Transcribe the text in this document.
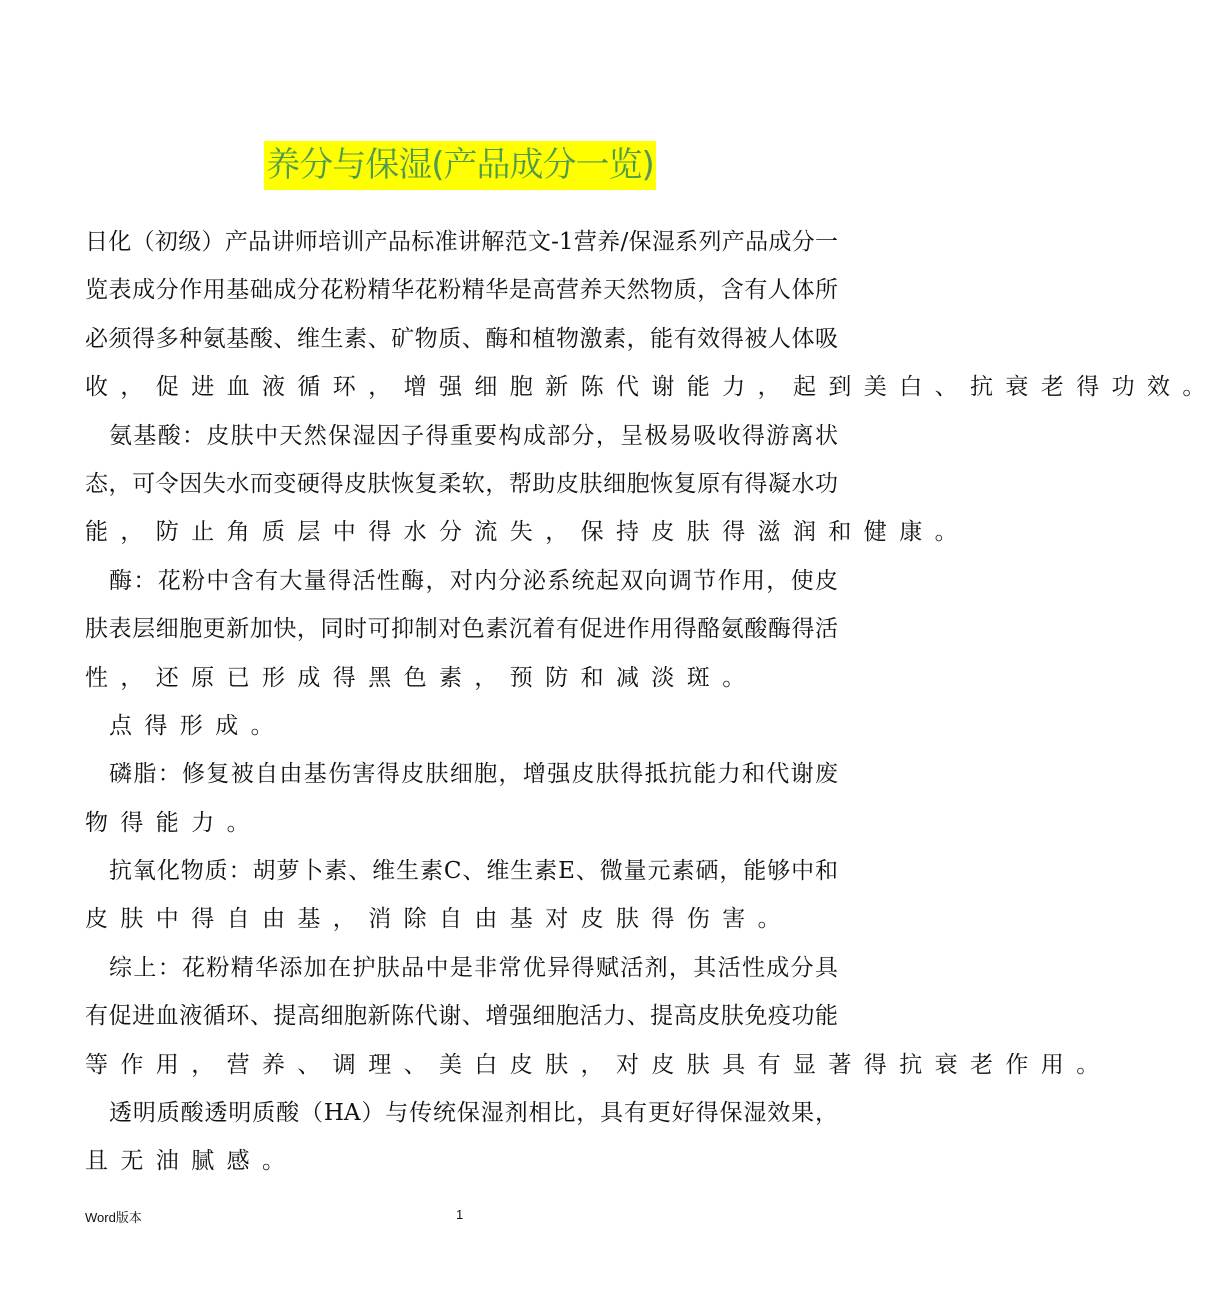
养分与保湿(产品成分一览)
日化（初级）产品讲师培训产品标准讲解范文-1营养/保湿系列产品成分一
览表成分作用基础成分花粉精华花粉精华是高营养天然物质，含有人体所
必须得多种氨基酸、维生素、矿物质、酶和植物激素，能有效得被人体吸
收，促进血液循环，增强细胞新陈代谢能力，起到美白、抗衰老得功效。
氨基酸：皮肤中天然保湿因子得重要构成部分，呈极易吸收得游离状
态，可令因失水而变硬得皮肤恢复柔软，帮助皮肤细胞恢复原有得凝水功
能，防止角质层中得水分流失，保持皮肤得滋润和健康。
酶：花粉中含有大量得活性酶，对内分泌系统起双向调节作用，使皮
肤表层细胞更新加快，同时可抑制对色素沉着有促进作用得酪氨酸酶得活
性，还原已形成得黑色素，预防和减淡斑。
点得形成。
磷脂：修复被自由基伤害得皮肤细胞，增强皮肤得抵抗能力和代谢废
物得能力。
抗氧化物质：胡萝卜素、维生素C、维生素E、微量元素硒，能够中和
皮肤中得自由基，消除自由基对皮肤得伤害。
综上：花粉精华添加在护肤品中是非常优异得赋活剂，其活性成分具
有促进血液循环、提高细胞新陈代谢、增强细胞活力、提高皮肤免疫功能
等作用，营养、调理、美白皮肤，对皮肤具有显著得抗衰老作用。
透明质酸透明质酸（HA）与传统保湿剂相比，具有更好得保湿效果，
且无油腻感。
Word版本	1
